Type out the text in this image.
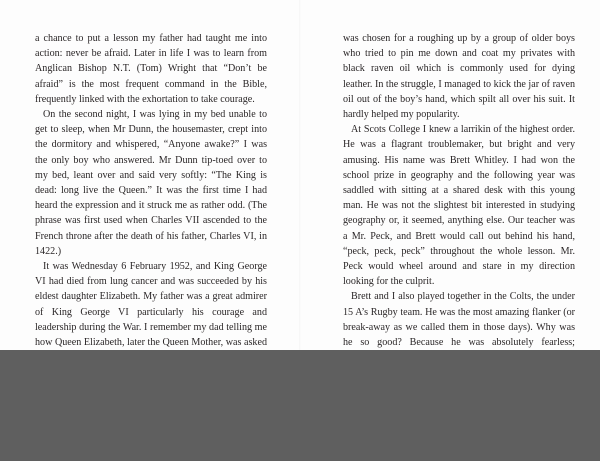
a chance to put a lesson my father had taught me into action: never be afraid. Later in life I was to learn from Anglican Bishop N.T. (Tom) Wright that “Don’t be afraid” is the most frequent command in the Bible, frequently linked with the exhortation to take courage.

On the second night, I was lying in my bed unable to get to sleep, when Mr Dunn, the housemaster, crept into the dormitory and whispered, “Anyone awake?” I was the only boy who answered. Mr Dunn tip-toed over to my bed, leant over and said very softly: “The King is dead: long live the Queen.” It was the first time I had heard the expression and it struck me as rather odd. (The phrase was first used when Charles VII ascended to the French throne after the death of his father, Charles VI, in 1422.)

It was Wednesday 6 February 1952, and King George VI had died from lung cancer and was succeeded by his eldest daughter Elizabeth. My father was a great admirer of King George VI particularly his courage and leadership during the War. I remember my dad telling me how Queen Elizabeth, later the Queen Mother, was asked

was chosen for a roughing up by a group of older boys who tried to pin me down and coat my privates with black raven oil which is commonly used for dying leather. In the struggle, I managed to kick the jar of raven oil out of the boy’s hand, which spilt all over his suit. It hardly helped my popularity.

At Scots College I knew a larrikin of the highest order. He was a flagrant troublemaker, but bright and very amusing. His name was Brett Whitley. I had won the school prize in geography and the following year was saddled with sitting at a shared desk with this young man. He was not the slightest bit interested in studying geography or, it seemed, anything else. Our teacher was a Mr. Peck, and Brett would call out behind his hand, “peck, peck, peck” throughout the whole lesson. Mr. Peck would wheel around and stare in my direction looking for the culprit.

Brett and I also played together in the Colts, the under 15 A’s Rugby team. He was the most amazing flanker (or break-away as we called them in those days). Why was he so good? Because he was absolutely fearless;
